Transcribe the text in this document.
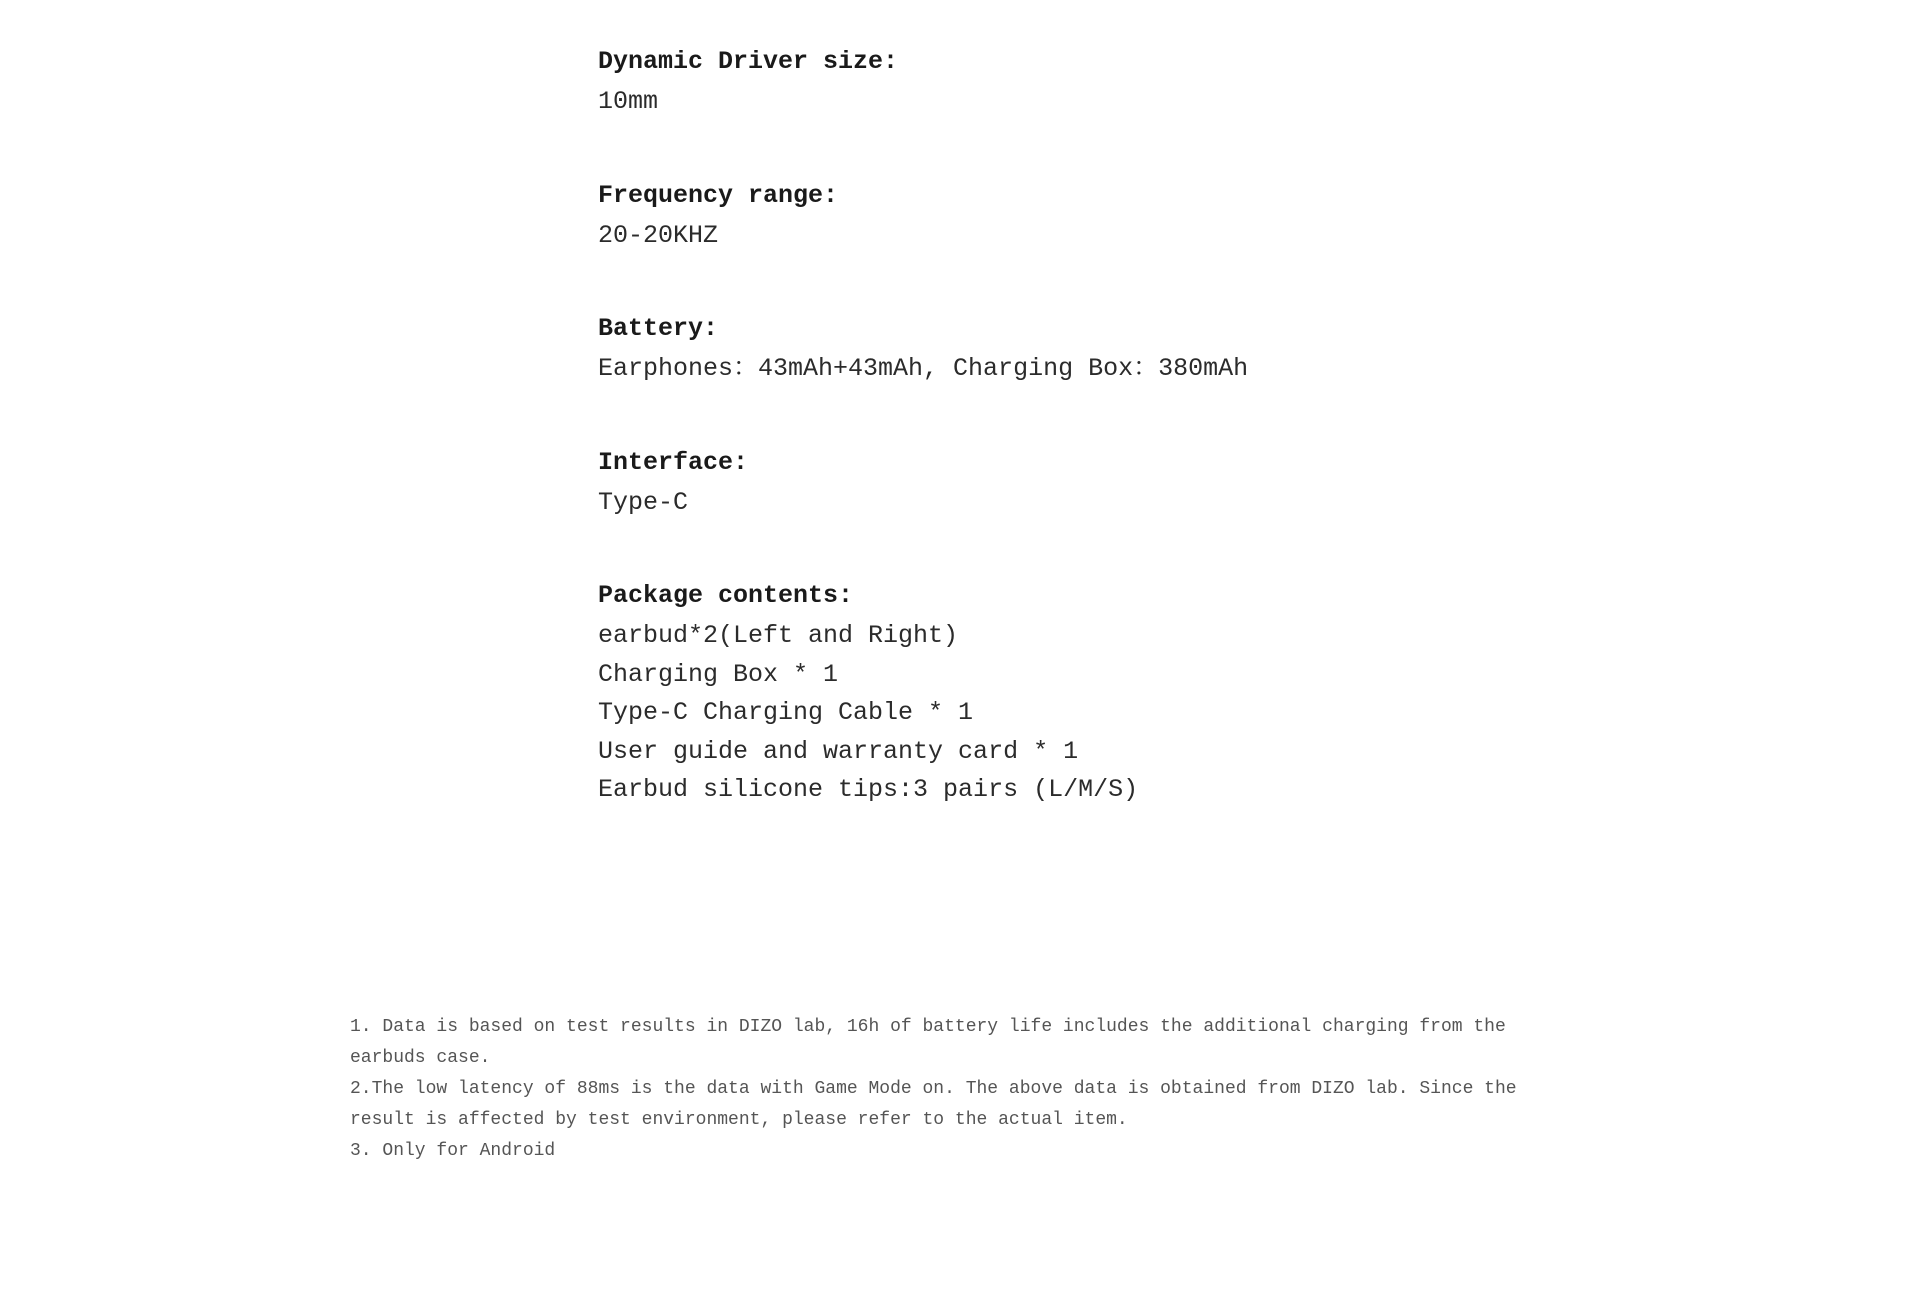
Dynamic Driver size:

10mm

Frequency range:

20-20KHZ

Battery:

Earphones：43mAh+43mAh, Charging Box：380mAh

Interface:

Type-C

Package contents:

earbud*2(Left and Right)
Charging Box * 1
Type-C Charging Cable * 1
User guide and warranty card * 1
Earbud silicone tips:3 pairs (L/M/S)
1. Data is based on test results in DIZO lab, 16h of battery life includes the additional charging from the earbuds case.
2.The low latency of 88ms is the data with Game Mode on. The above data is obtained from DIZO lab. Since the result is affected by test environment, please refer to the actual item.
3. Only for Android
